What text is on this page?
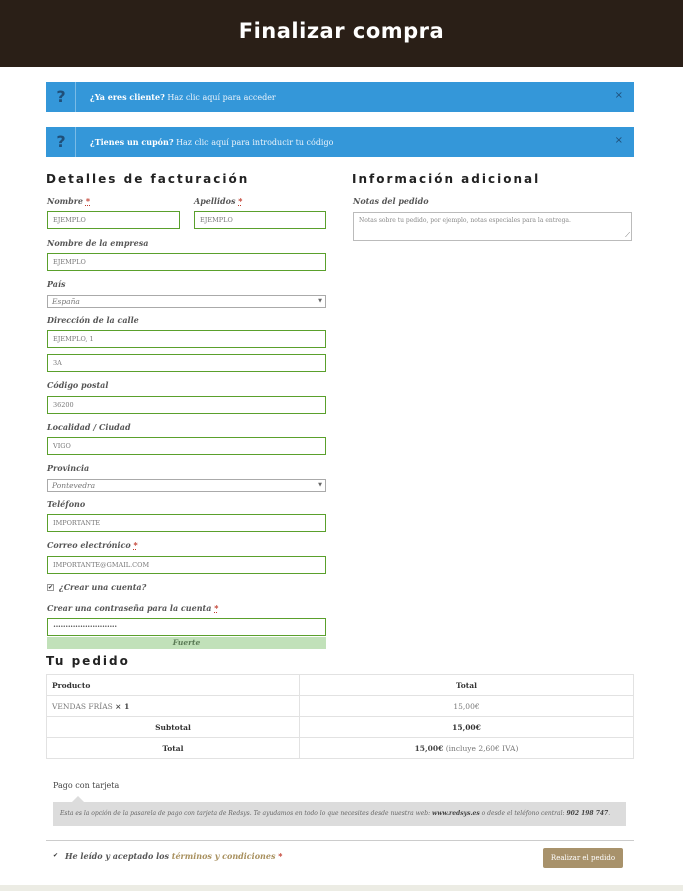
Finalizar compra
?	¿Ya eres cliente? Haz clic aquí para acceder	×
?	¿Tienes un cupón? Haz clic aquí para introducir tu código	×
Detalles de facturación
Nombre *
EJEMPLO
Apellidos *
EJEMPLO
Nombre de la empresa
EJEMPLO
País
España	▼
Dirección de la calle
EJEMPLO, 1
3A
Código postal
36200
Localidad / Ciudad
VIGO
Provincia
Pontevedra	▼
Teléfono
IMPORTANTE
Correo electrónico *
IMPORTANTE@GMAIL.COM
✔ ¿Crear una cuenta?
Crear una contraseña para la cuenta *
••••••••••••••••••••••••••
Fuerte
Información adicional
Notas del pedido
Notas sobre tu pedido, por ejemplo, notas especiales para la entrega.
⟋
Tu pedido
Producto	Total
VENDAS FRÍAS × 1	15,00€
Subtotal	15,00€
Total	15,00€ (incluye 2,60€ IVA)
Pago con tarjeta
Esta es la opción de la pasarela de pago con tarjeta de Redsys. Te ayudamos en todo lo que necesites desde nuestra web: www.redsys.es o desde el teléfono central: 902 198 747.
✔ He leído y aceptado los términos y condiciones *	Realizar el pedido
